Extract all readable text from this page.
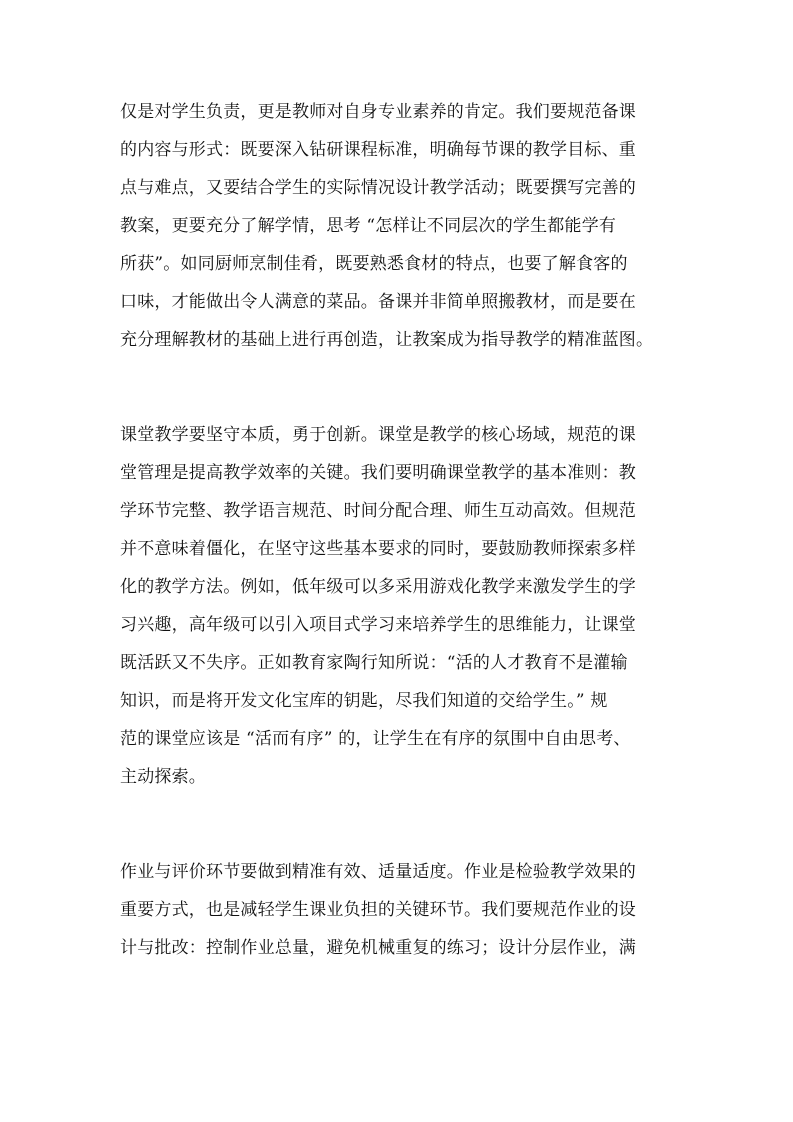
仅是对学生负责，更是教师对自身专业素养的肯定。我们要规范备课
的内容与形式：既要深入钻研课程标准，明确每节课的教学目标、重
点与难点，又要结合学生的实际情况设计教学活动；既要撰写完善的
教案，更要充分了解学情，思考 “怎样让不同层次的学生都能学有
所获”。如同厨师烹制佳肴，既要熟悉食材的特点，也要了解食客的
口味，才能做出令人满意的菜品。备课并非简单照搬教材，而是要在
充分理解教材的基础上进行再创造，让教案成为指导教学的精准蓝图。
课堂教学要坚守本质，勇于创新。课堂是教学的核心场域，规范的课
堂管理是提高教学效率的关键。我们要明确课堂教学的基本准则：教
学环节完整、教学语言规范、时间分配合理、师生互动高效。但规范
并不意味着僵化，在坚守这些基本要求的同时，要鼓励教师探索多样
化的教学方法。例如，低年级可以多采用游戏化教学来激发学生的学
习兴趣，高年级可以引入项目式学习来培养学生的思维能力，让课堂
既活跃又不失序。正如教育家陶行知所说：“活的人才教育不是灌输
知识，而是将开发文化宝库的钥匙，尽我们知道的交给学生。” 规
范的课堂应该是 “活而有序” 的，让学生在有序的氛围中自由思考、
主动探索。
作业与评价环节要做到精准有效、适量适度。作业是检验教学效果的
重要方式，也是减轻学生课业负担的关键环节。我们要规范作业的设
计与批改：控制作业总量，避免机械重复的练习；设计分层作业，满
